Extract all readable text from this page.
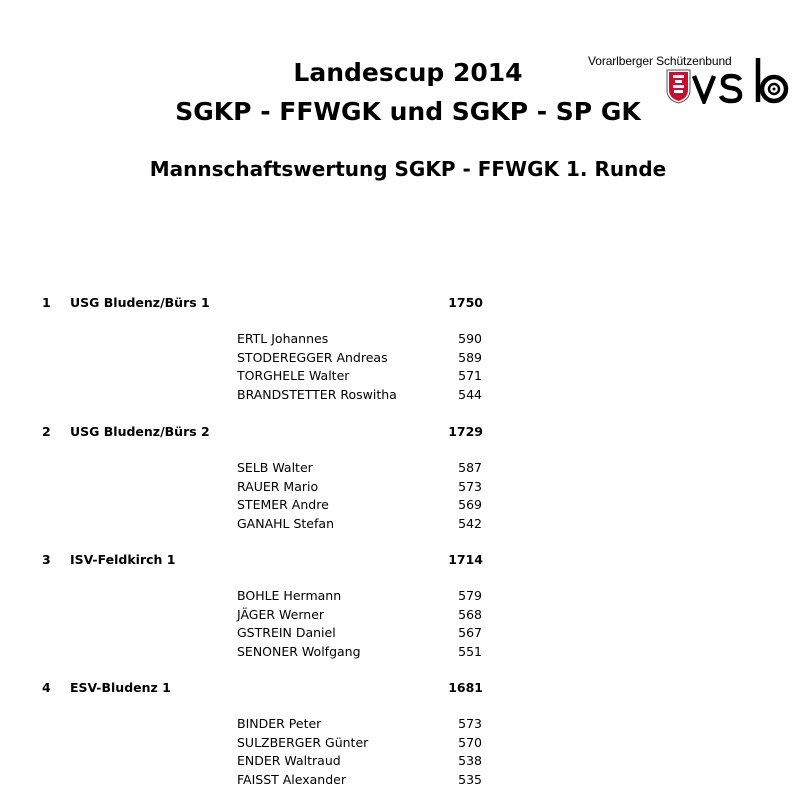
Landescup 2014
SGKP - FFWGK und SGKP - SP GK
Mannschaftswertung SGKP - FFWGK 1. Runde
Vorarlberger Schützenbund
1 USG Bludenz/Bürs 1	1750
ERTL Johannes	590
STODEREGGER Andreas	589
TORGHELE Walter	571
BRANDSTETTER Roswitha	544
2 USG Bludenz/Bürs 2	1729
SELB Walter	587
RAUER Mario	573
STEMER Andre	569
GANAHL Stefan	542
3 ISV-Feldkirch 1	1714
BOHLE Hermann	579
JÄGER Werner	568
GSTREIN Daniel	567
SENONER Wolfgang	551
4 ESV-Bludenz 1	1681
BINDER Peter	573
SULZBERGER Günter	570
ENDER Waltraud	538
FAISST Alexander	535
